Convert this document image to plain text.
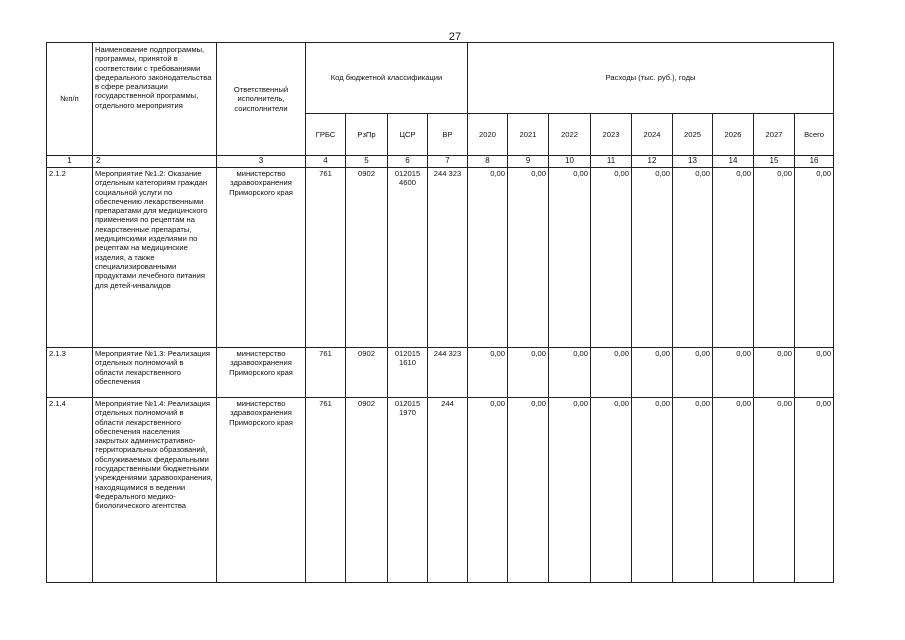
27
№п/п	Наименование подпрограммы, программы, принятой в соответствии с требованиями федерального законодательства в сфере реализации государственной программы, отдельного мероприятия	Ответственный исполнитель, соисполнители	Код бюджетной классификации				Расходы (тыс. руб.), годы								
			ГРБС	РзПр	ЦСР	ВР	2020	2021	2022	2023	2024	2025	2026	2027	Всего
1	2	3	4	5	6	7	8	9	10	11	12	13	14	15	16
2.1.2	Мероприятие №1.2: Оказание отдельным категориям граждан социальной услуги по обеспечению лекарственными препаратами для медицинского применения по рецептам на лекарственные препараты, медицинскими изделиями по рецептам на медицинские изделия, а также специализированными продуктами лечебного питания для детей-инвалидов	министерство здравоохранения Приморского края	761	0902	012015 4600	244 323	0,00	0,00	0,00	0,00	0,00	0,00	0,00	0,00	0,00
2.1.3	Мероприятие №1.3: Реализация отдельных полномочий в области лекарственного обеспечения	министерство здравоохранения Приморского края	761	0902	012015 1610	244 323	0,00	0,00	0,00	0,00	0,00	0,00	0,00	0,00	0,00
2.1.4	Мероприятие №1.4: Реализация отдельных полномочий в области лекарственного обеспечения населения закрытых административно-территориальных образований, обслуживаемых федеральными государственными бюджетными учреждениями здравоохранения, находящимися в ведении Федерального медико-биологического агентства	министерство здравоохранения Приморского края	761	0902	012015 1970	244	0,00	0,00	0,00	0,00	0,00	0,00	0,00	0,00	0,00
